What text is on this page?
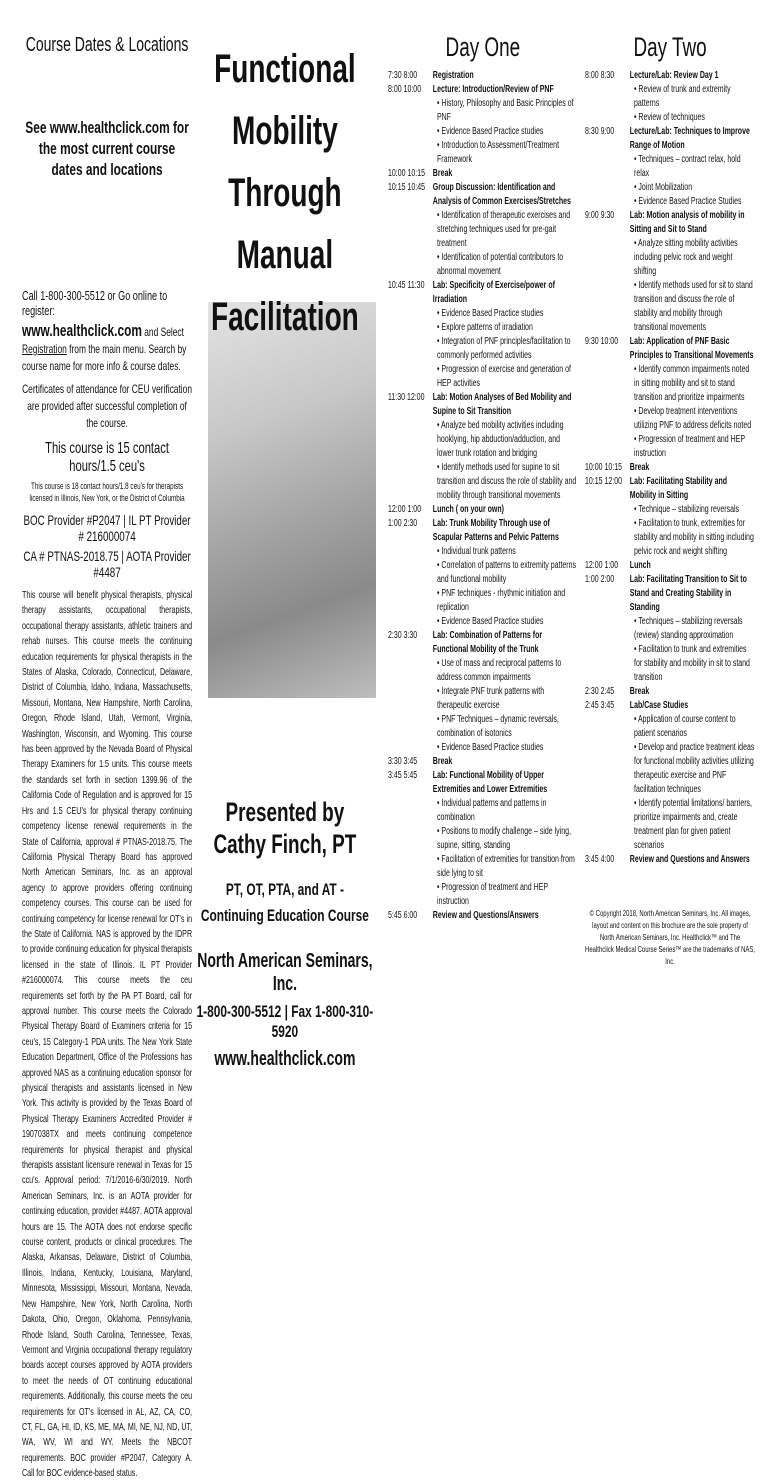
Course Dates & Locations
See www.healthclick.com for the most current course dates and locations
Call 1-800-300-5512 or Go online to register:
www.healthclick.com and Select Registration from the main menu. Search by course name for more info & course dates.
Certificates of attendance for CEU verification are provided after successful completion of the course.
This course is 15 contact hours/1.5 ceu's
This course is 18 contact hours/1.8 ceu's for therapists licensed in Illinois, New York, or the District of Columbia
BOC Provider #P2047 | IL PT Provider # 216000074
CA # PTNAS-2018.75 | AOTA Provider #4487
This course will benefit physical therapists, physical therapy assistants, occupational therapists, occupational therapy assistants, athletic trainers and rehab nurses. This course meets the continuing education requirements for physical therapists in the States of Alaska, Colorado, Connecticut, Delaware, District of Columbia, Idaho, Indiana, Massachusetts, Missouri, Montana, New Hampshire, North Carolina, Oregon, Rhode Island, Utah, Vermont, Virginia, Washington, Wisconsin, and Wyoming. This course has been approved by the Nevada Board of Physical Therapy Examiners for 1.5 units. This course meets the standards set forth in section 1399.96 of the California Code of Regulation and is approved for 15 Hrs and 1.5 CEU's for physical therapy continuing competency license renewal requirements in the State of California, approval # PTNAS-2018.75. The California Physical Therapy Board has approved North American Seminars, Inc. as an approval agency to approve providers offering continuing competency courses. This course can be used for continuing competency for license renewal for OT's in the State of California. NAS is approved by the IDPR to provide continuing education for physical therapists licensed in the state of Illinois. IL PT Provider #216000074. This course meets the ceu requirements set forth by the PA PT Board, call for approval number. This course meets the Colorado Physical Therapy Board of Examiners criteria for 15 ceu's, 15 Category-1 PDA units. The New York State Education Department, Office of the Professions has approved NAS as a continuing education sponsor for physical therapists and assistants licensed in New York. This activity is provided by the Texas Board of Physical Therapy Examiners Accredited Provider # 1907038TX and meets continuing competence requirements for physical therapist and physical therapists assistant licensure renewal in Texas for 15 ccu's. Approval period: 7/1/2016-6/30/2019. North American Seminars, Inc. is an AOTA provider for continuing education, provider #4487. AOTA approval hours are 15. The AOTA does not endorse specific course content, products or clinical procedures. The Alaska, Arkansas, Delaware, District of Columbia, Illinois, Indiana, Kentucky, Louisiana, Maryland, Minnesota, Mississippi, Missouri, Montana, Nevada, New Hampshire, New York, North Carolina, North Dakota, Ohio, Oregon, Oklahoma, Pennsylvania, Rhode Island, South Carolina, Tennessee, Texas, Vermont and Virginia occupational therapy regulatory boards accept courses approved by AOTA providers to meet the needs of OT continuing educational requirements. Additionally, this course meets the ceu requirements for OT's licensed in AL, AZ, CA, CO, CT, FL, GA, HI, ID, KS, ME, MA, MI, NE, NJ, ND, UT, WA, WV, WI and WY. Meets the NBCOT requirements. BOC provider #P2047, Category A. Call for BOC evidence-based status.
Functional
Mobility
Through Manual
Facilitation
Presented by
Cathy Finch, PT
PT, OT, PTA, and AT -
Continuing Education Course
North American Seminars, Inc.
1-800-300-5512 | Fax 1-800-310-5920
www.healthclick.com
Day One
7:30 8:00	Registration
8:00 10:00	Lecture: Introduction/Review of PNF
• History, Philosophy and Basic Principles of PNF
• Evidence Based Practice studies
• Introduction to Assessment/Treatment Framework
10:00 10:15 Break
10:15 10:45 Group Discussion: Identification and Analysis of Common Exercises/Stretches
• Identification of therapeutic exercises and stretching techniques used for pre-gait treatment
• Identification of potential contributors to abnormal movement
10:45 11:30 Lab: Specificity of Exercise/power of Irradiation
• Evidence Based Practice studies
• Explore patterns of irradiation
• Integration of PNF principles/facilitation to commonly performed activities
• Progression of exercise and generation of HEP activities
11:30 12:00 Lab: Motion Analyses of Bed Mobility and Supine to Sit Transition
• Analyze bed mobility activities including hooklying, hip abduction/adduction, and lower trunk rotation and bridging
• Identify methods used for supine to sit transition and discuss the role of stability and mobility through transitional movements
12:00 1:00	Lunch ( on your own)
1:00 2:30	Lab: Trunk Mobility Through use of Scapular Patterns and Pelvic Patterns
• Individual trunk patterns
• Correlation of patterns to extremity patterns and functional mobility
• PNF techniques - rhythmic initiation and replication
• Evidence Based Practice studies
2:30 3:30	Lab: Combination of Patterns for Functional Mobility of the Trunk
• Use of mass and reciprocal patterns to address common impairments
• Integrate PNF trunk patterns with therapeutic exercise
• PNF Techniques – dynamic reversals, combination of isotonics
• Evidence Based Practice studies
3:30 3:45	Break
3:45 5:45	Lab: Functional Mobility of Upper Extremities and Lower Extremities
• Individual patterns and patterns in combination
• Positions to modify challenge – side lying, supine, sitting, standing
• Facilitation of extremities for transition from side lying to sit
• Progression of treatment and HEP instruction
5:45 6:00	Review and Questions/Answers
Day Two
8:00 8:30	Lecture/Lab: Review Day 1
• Review of trunk and extremity patterns
• Review of techniques
8:30 9:00	Lecture/Lab: Techniques to Improve Range of Motion
• Techniques – contract relax, hold relax
• Joint Mobilization
• Evidence Based Practice Studies
9:00 9:30	Lab: Motion analysis of mobility in Sitting and Sit to Stand
• Analyze sitting mobility activities including pelvic rock and weight shifting
• Identify methods used for sit to stand transition and discuss the role of stability and mobility through transitional movements
9:30 10:00	Lab: Application of PNF Basic Principles to Transitional Movements
• Identify common impairments noted in sitting mobility and sit to stand transition and prioritize impairments
• Develop treatment interventions utilizing PNF to address deficits noted
• Progression of treatment and HEP instruction
10:00 10:15 Break
10:15 12:00 Lab: Facilitating Stability and Mobility in Sitting
• Technique – stabilizing reversals
• Facilitation to trunk, extremities for stability and mobility in sitting including pelvic rock and weight shifting
12:00 1:00	Lunch
1:00 2:00	Lab: Facilitating Transition to Sit to Stand and Creating Stability in Standing
• Techniques – stabilizing reversals (review) standing approximation
• Facilitation to trunk and extremities for stability and mobility in sit to stand transition
2:30 2:45	Break
2:45 3:45	Lab/Case Studies
• Application of course content to patient scenarios
• Develop and practice treatment ideas for functional mobility activities utilizing therapeutic exercise and PNF facilitation techniques
• Identify potential limitations/ barriers, prioritize impairments and, create treatment plan for given patient scenarios
3:45 4:00	Review and Questions and Answers
© Copyright 2018, North American Seminars, Inc. All images, layout and content on this brochure are the sole property of North American Seminars, Inc. Healthclick™ and The Healthclick Medical Course Series™ are the trademarks of NAS, Inc.
